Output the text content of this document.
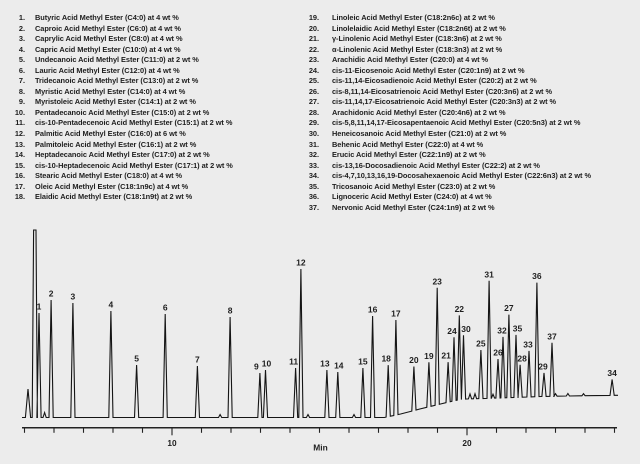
1. Butyric Acid Methyl Ester (C4:0) at 4 wt %
2. Caproic Acid Methyl Ester (C6:0) at 4 wt %
3. Caprylic Acid Methyl Ester (C8:0) at 4 wt %
4. Capric Acid Methyl Ester (C10:0) at 4 wt %
5. Undecanoic Acid Methyl Ester (C11:0) at 2 wt %
6. Lauric Acid Methyl Ester (C12:0) at 4 wt %
7. Tridecanoic Acid Methyl Ester (C13:0) at 2 wt %
8. Myristic Acid Methyl Ester (C14:0) at 4 wt %
9. Myristoleic Acid Methyl Ester (C14:1) at 2 wt %
10. Pentadecanoic Acid Methyl Ester (C15:0) at 2 wt %
11. cis-10-Pentadecenoic Acid Methyl Ester (C15:1) at 2 wt %
12. Palmitic Acid Methyl Ester (C16:0) at 6 wt %
13. Palmitoleic Acid Methyl Ester (C16:1) at 2 wt %
14. Heptadecanoic Acid Methyl Ester (C17:0) at 2 wt %
15. cis-10-Heptadecenoic Acid Methyl Ester (C17:1) at 2 wt %
16. Stearic Acid Methyl Ester (C18:0) at 4 wt %
17. Oleic Acid Methyl Ester (C18:1n9c) at 4 wt %
18. Elaidic Acid Methyl Ester (C18:1n9t) at 2 wt %
19. Linoleic Acid Methyl Ester (C18:2n6c) at 2 wt %
20. Linolelaidic Acid Methyl Ester (C18:2n6t) at 2 wt %
21. γ-Linolenic Acid Methyl Ester (C18:3n6) at 2 wt %
22. α-Linolenic Acid Methyl Ester (C18:3n3) at 2 wt %
23. Arachidic Acid Methyl Ester (C20:0) at 4 wt %
24. cis-11-Eicosenoic Acid Methyl Ester (C20:1n9) at 2 wt %
25. cis-11,14-Eicosadienoic Acid Methyl Ester (C20:2) at 2 wt %
26. cis-8,11,14-Eicosatrienoic Acid Methyl Ester (C20:3n6) at 2 wt %
27. cis-11,14,17-Eicosatrienoic Acid Methyl Ester (C20:3n3) at 2 wt %
28. Arachidonic Acid Methyl Ester (C20:4n6) at 2 wt %
29. cis-5,8,11,14,17-Eicosapentaenoic Acid Methyl Ester (C20:5n3) at 2 wt %
30. Heneicosanoic Acid Methyl Ester (C21:0) at 2 wt %
31. Behenic Acid Methyl Ester (C22:0) at 4 wt %
32. Erucic Acid Methyl Ester (C22:1n9) at 2 wt %
33. cis-13,16-Docosadienoic Acid Methyl Ester (C22:2) at 2 wt %
34. cis-4,7,10,13,16,19-Docosahexaenoic Acid Methyl Ester (C22:6n3) at 2 wt %
35. Tricosanoic Acid Methyl Ester (C23:0) at 2 wt %
36. Lignoceric Acid Methyl Ester (C24:0) at 4 wt %
37. Nervonic Acid Methyl Ester (C24:1n9) at 2 wt %
1
2 3
4
5
6
7
8
9 10 11
12
13 14 15
16
18
17
20 19
23
21
24
22
30
25
31
26
32
27
35
28
33
36
29
37
34
10	20
Min
